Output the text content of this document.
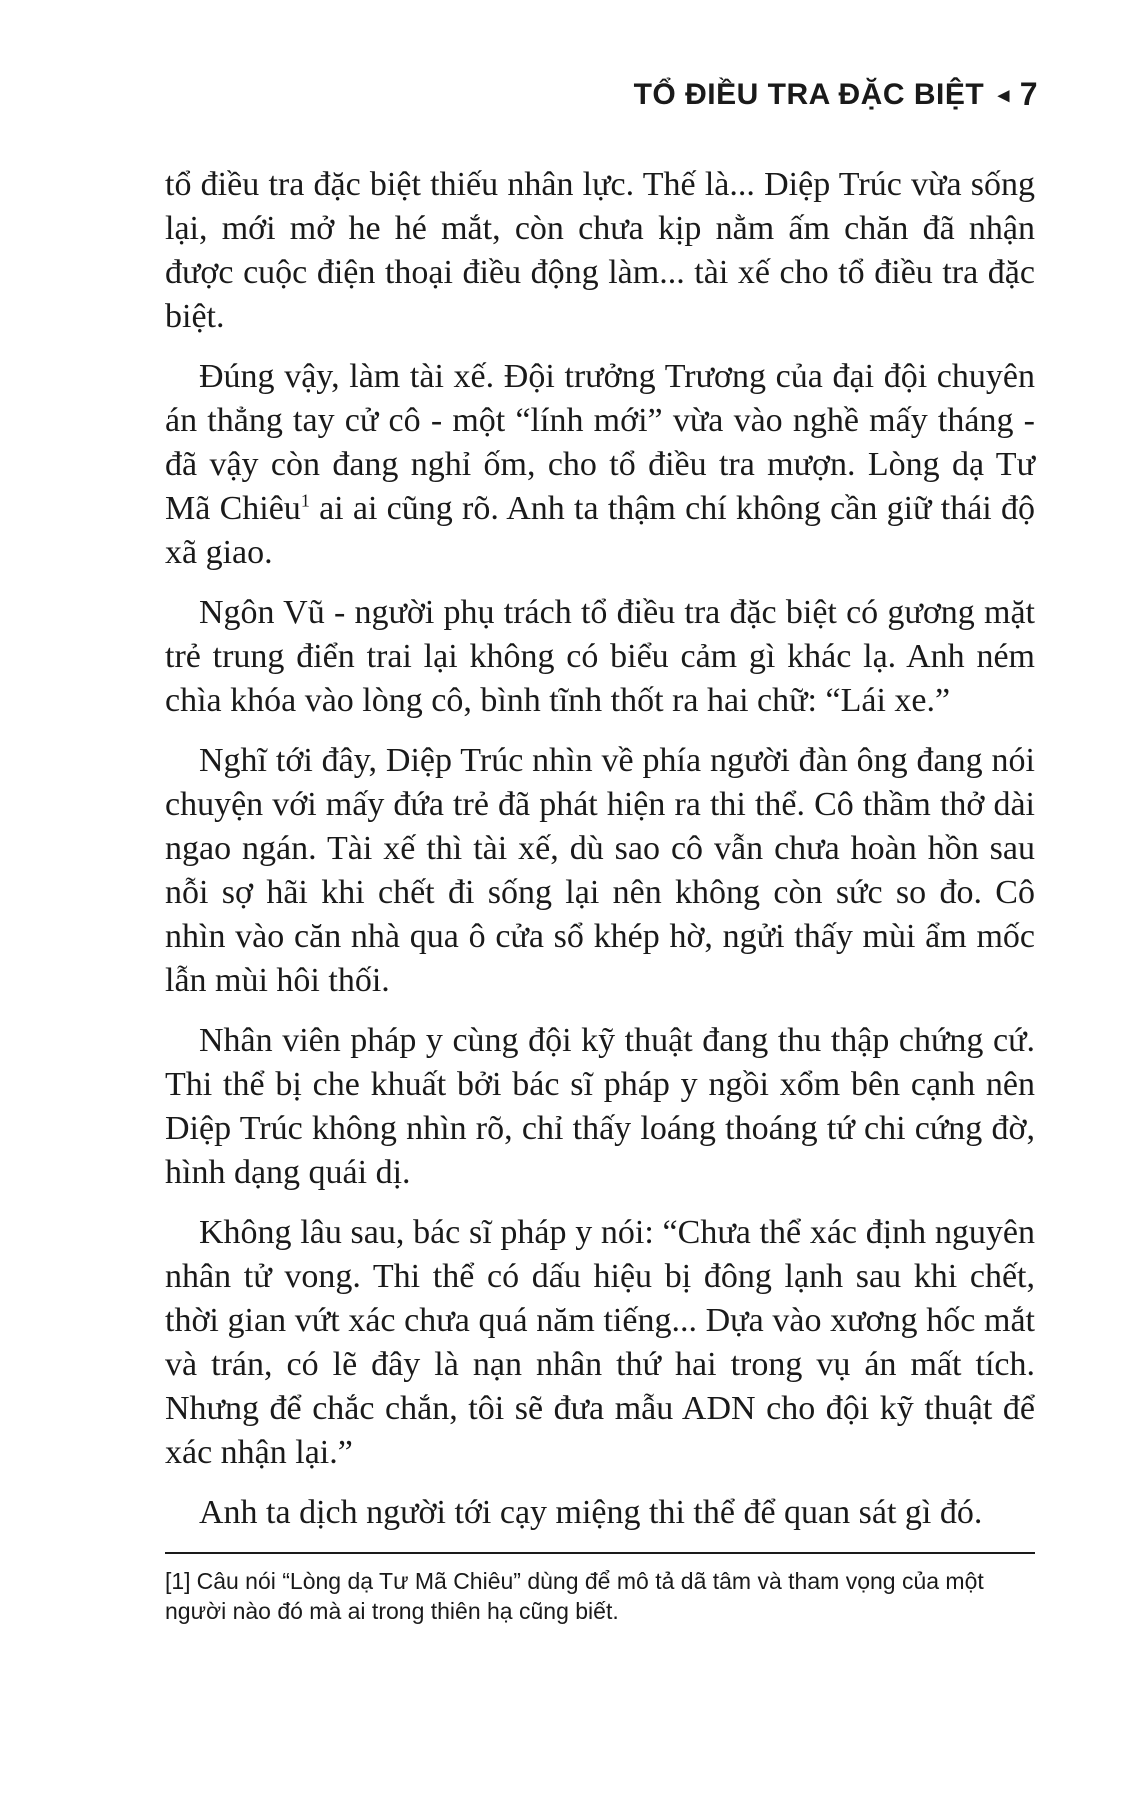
TỔ ĐIỀU TRA ĐẶC BIỆT ◂ 7

tổ điều tra đặc biệt thiếu nhân lực. Thế là... Diệp Trúc vừa sống lại, mới mở he hé mắt, còn chưa kịp nằm ấm chăn đã nhận được cuộc điện thoại điều động làm... tài xế cho tổ điều tra đặc biệt.

Đúng vậy, làm tài xế. Đội trưởng Trương của đại đội chuyên án thẳng tay cử cô - một “lính mới” vừa vào nghề mấy tháng - đã vậy còn đang nghỉ ốm, cho tổ điều tra mượn. Lòng dạ Tư Mã Chiêu$^1$ ai ai cũng rõ. Anh ta thậm chí không cần giữ thái độ xã giao.

Ngôn Vũ - người phụ trách tổ điều tra đặc biệt có gương mặt trẻ trung điển trai lại không có biểu cảm gì khác lạ. Anh ném chìa khóa vào lòng cô, bình tĩnh thốt ra hai chữ: “Lái xe.”

Nghĩ tới đây, Diệp Trúc nhìn về phía người đàn ông đang nói chuyện với mấy đứa trẻ đã phát hiện ra thi thể. Cô thầm thở dài ngao ngán. Tài xế thì tài xế, dù sao cô vẫn chưa hoàn hồn sau nỗi sợ hãi khi chết đi sống lại nên không còn sức so đo. Cô nhìn vào căn nhà qua ô cửa sổ khép hờ, ngửi thấy mùi ẩm mốc lẫn mùi hôi thối.

Nhân viên pháp y cùng đội kỹ thuật đang thu thập chứng cứ. Thi thể bị che khuất bởi bác sĩ pháp y ngồi xổm bên cạnh nên Diệp Trúc không nhìn rõ, chỉ thấy loáng thoáng tứ chi cứng đờ, hình dạng quái dị.

Không lâu sau, bác sĩ pháp y nói: “Chưa thể xác định nguyên nhân tử vong. Thi thể có dấu hiệu bị đông lạnh sau khi chết, thời gian vứt xác chưa quá năm tiếng... Dựa vào xương hốc mắt và trán, có lẽ đây là nạn nhân thứ hai trong vụ án mất tích. Nhưng để chắc chắn, tôi sẽ đưa mẫu ADN cho đội kỹ thuật để xác nhận lại.”

Anh ta dịch người tới cạy miệng thi thể để quan sát gì đó.

[1] Câu nói “Lòng dạ Tư Mã Chiêu” dùng để mô tả dã tâm và tham vọng của một người nào đó mà ai trong thiên hạ cũng biết.
